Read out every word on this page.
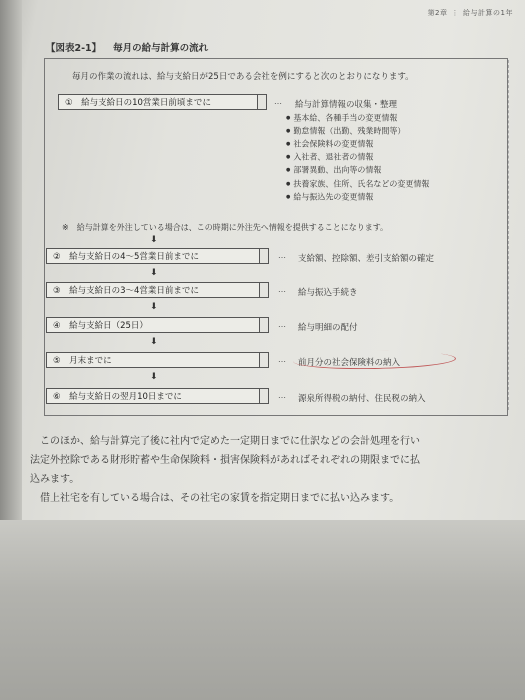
第2章 ⋮ 給与計算の1年
【図表2-1】 毎月の給与計算の流れ
毎月の作業の流れは、給与支給日が25日である会社を例にすると次のとおりになります。
①　給与支給日の10営業日前頃までに	… 給与計算情報の収集・整理
● 基本給、各種手当の変更情報
● 勤怠情報（出勤、残業時間等）
● 社会保険料の変更情報
● 入社者、退社者の情報
● 部署異動、出向等の情報
● 扶養家族、住所、氏名などの変更情報
● 給与振込先の変更情報
※　給与計算を外注している場合は、この時期に外注先へ情報を提供することになります。
⬇
②　給与支給日の4～5営業日前までに	… 支給額、控除額、差引支給額の確定
⬇
③　給与支給日の3～4営業日前までに	… 給与振込手続き
⬇
④　給与支給日（25日）	… 給与明細の配付
⬇
⑤　月末までに	… 前月分の社会保険料の納入
⬇
⑥　給与支給日の翌月10日までに	… 源泉所得税の納付、住民税の納入
　このほか、給与計算完了後に社内で定めた一定期日までに仕訳などの会計処理を行い
法定外控除である財形貯蓄や生命保険料・損害保険料があればそれぞれの期限までに払
込みます。
　借上社宅を有している場合は、その社宅の家賃を指定期日までに払い込みます。
